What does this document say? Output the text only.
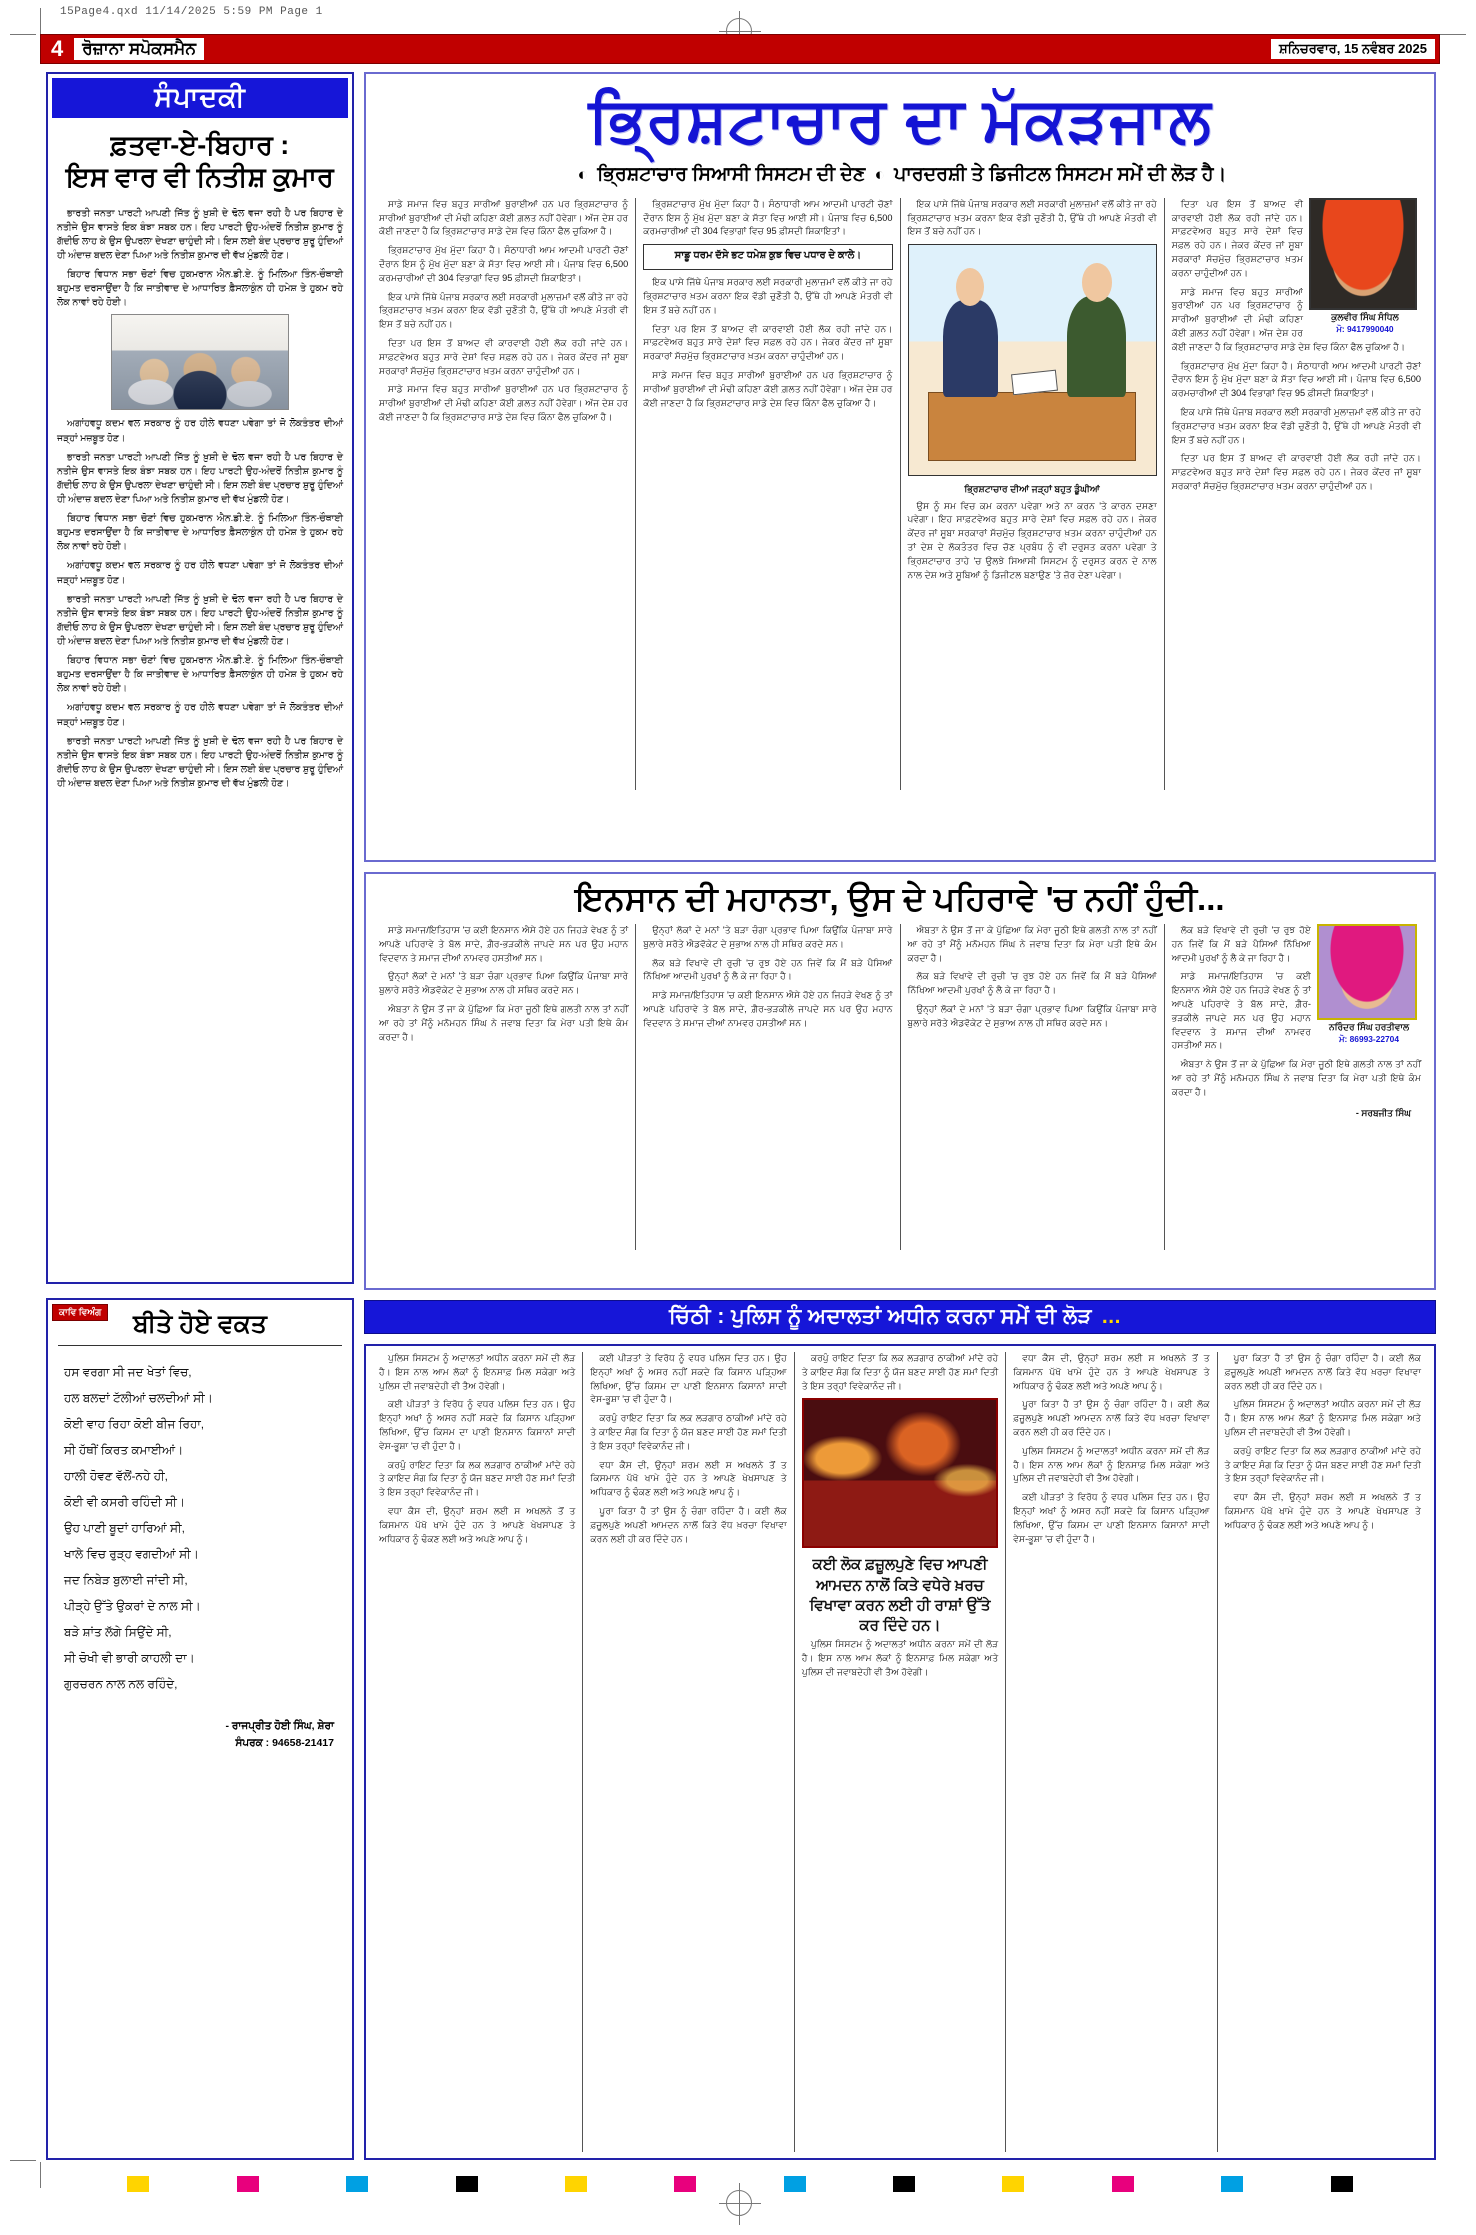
15Page4.qxd 11/14/2025 5:59 PM Page 1
4	ਰੋਜ਼ਾਨਾ ਸਪੋਕਸਮੈਨ	ਸ਼ਨਿਚਰਵਾਰ, 15 ਨਵੰਬਰ 2025
ਸੰਪਾਦਕੀ
ਫ਼ਤਵਾ-ਏ-ਬਿਹਾਰ :
ਇਸ ਵਾਰ ਵੀ ਨਿਤੀਸ਼ ਕੁਮਾਰ

ਭਾਰਤੀ ਜਨਤਾ ਪਾਰਟੀ ਆਪਣੀ ਜਿੱਤ ਨੂੰ ਖ਼ੁਸ਼ੀ ਦੇ ਢੋਲ ਵਜਾ ਰਹੀ ਹੈ ਪਰ ਬਿਹਾਰ ਦੇ ਨਤੀਜੇ ਉਸ ਵਾਸਤੇ ਇਕ ਬੰਝਾ ਸਬਕ ਹਨ। ਇਹ ਪਾਰਟੀ ਉਹ-ਅੰਦਰੋਂ ਨਿਤੀਸ਼ ਕੁਮਾਰ ਨੂੰ ਗੱਦੀਓ ਲਾਹ ਕੇ ਉਸ ਉਪਰਲਾ ਦੇਖਣਾ ਚਾਹੁੰਦੀ ਸੀ। ਇਸ ਲਈ ਬੰਦ ਪ੍ਰਚਾਰ ਸ਼ੁਰੂ ਹੁੰਦਿਆਂ ਹੀ ਅੰਦਾਜ਼ ਬਦਲ ਦੇਣਾ ਪਿਆ ਅਤੇ ਨਿਤੀਸ਼ ਕੁਮਾਰ ਦੀ ਵੱਖ ਮੁੰਡਲੀ ਹੋਣ।

ਬਿਹਾਰ ਵਿਧਾਨ ਸਭਾ ਚੋਣਾਂ ਵਿਚ ਹੁਕਮਰਾਨ ਐਨ.ਡੀ.ਏ. ਨੂੰ ਮਿਲਿਆ ਤਿੰਨ-ਚੌਥਾਈ ਬਹੁਮਤ ਦਰਸਾਉਂਦਾ ਹੈ ਕਿ ਜਾਤੀਵਾਦ ਦੇ ਆਧਾਰਿਤ ਫ਼ੈਸਲਾਕੁੰਨ ਹੀ ਹਮੇਸ਼ ਤੇ ਹੁਕਮ ਰਹੇ ਲੋਕ ਨਾਵਾਂ ਰਹੇ ਹੋਈ।

ਅਗਾਂਹਵਧੂ ਕਦਮ ਵਲ ਸਰਕਾਰ ਨੂੰ ਹਰ ਹੀਲੇ ਵਧਣਾ ਪਵੇਗਾ ਤਾਂ ਜੋ ਲੋਕਤੰਤਰ ਦੀਆਂ ਜੜ੍ਹਾਂ ਮਜ਼ਬੂਤ ਹੋਣ।

ਭਾਰਤੀ ਜਨਤਾ ਪਾਰਟੀ ਆਪਣੀ ਜਿੱਤ ਨੂੰ ਖ਼ੁਸ਼ੀ ਦੇ ਢੋਲ ਵਜਾ ਰਹੀ ਹੈ ਪਰ ਬਿਹਾਰ ਦੇ ਨਤੀਜੇ ਉਸ ਵਾਸਤੇ ਇਕ ਬੰਝਾ ਸਬਕ ਹਨ। ਇਹ ਪਾਰਟੀ ਉਹ-ਅੰਦਰੋਂ ਨਿਤੀਸ਼ ਕੁਮਾਰ ਨੂੰ ਗੱਦੀਓ ਲਾਹ ਕੇ ਉਸ ਉਪਰਲਾ ਦੇਖਣਾ ਚਾਹੁੰਦੀ ਸੀ। ਇਸ ਲਈ ਬੰਦ ਪ੍ਰਚਾਰ ਸ਼ੁਰੂ ਹੁੰਦਿਆਂ ਹੀ ਅੰਦਾਜ਼ ਬਦਲ ਦੇਣਾ ਪਿਆ ਅਤੇ ਨਿਤੀਸ਼ ਕੁਮਾਰ ਦੀ ਵੱਖ ਮੁੰਡਲੀ ਹੋਣ।

ਬਿਹਾਰ ਵਿਧਾਨ ਸਭਾ ਚੋਣਾਂ ਵਿਚ ਹੁਕਮਰਾਨ ਐਨ.ਡੀ.ਏ. ਨੂੰ ਮਿਲਿਆ ਤਿੰਨ-ਚੌਥਾਈ ਬਹੁਮਤ ਦਰਸਾਉਂਦਾ ਹੈ ਕਿ ਜਾਤੀਵਾਦ ਦੇ ਆਧਾਰਿਤ ਫ਼ੈਸਲਾਕੁੰਨ ਹੀ ਹਮੇਸ਼ ਤੇ ਹੁਕਮ ਰਹੇ ਲੋਕ ਨਾਵਾਂ ਰਹੇ ਹੋਈ।

ਅਗਾਂਹਵਧੂ ਕਦਮ ਵਲ ਸਰਕਾਰ ਨੂੰ ਹਰ ਹੀਲੇ ਵਧਣਾ ਪਵੇਗਾ ਤਾਂ ਜੋ ਲੋਕਤੰਤਰ ਦੀਆਂ ਜੜ੍ਹਾਂ ਮਜ਼ਬੂਤ ਹੋਣ।

ਭਾਰਤੀ ਜਨਤਾ ਪਾਰਟੀ ਆਪਣੀ ਜਿੱਤ ਨੂੰ ਖ਼ੁਸ਼ੀ ਦੇ ਢੋਲ ਵਜਾ ਰਹੀ ਹੈ ਪਰ ਬਿਹਾਰ ਦੇ ਨਤੀਜੇ ਉਸ ਵਾਸਤੇ ਇਕ ਬੰਝਾ ਸਬਕ ਹਨ। ਇਹ ਪਾਰਟੀ ਉਹ-ਅੰਦਰੋਂ ਨਿਤੀਸ਼ ਕੁਮਾਰ ਨੂੰ ਗੱਦੀਓ ਲਾਹ ਕੇ ਉਸ ਉਪਰਲਾ ਦੇਖਣਾ ਚਾਹੁੰਦੀ ਸੀ। ਇਸ ਲਈ ਬੰਦ ਪ੍ਰਚਾਰ ਸ਼ੁਰੂ ਹੁੰਦਿਆਂ ਹੀ ਅੰਦਾਜ਼ ਬਦਲ ਦੇਣਾ ਪਿਆ ਅਤੇ ਨਿਤੀਸ਼ ਕੁਮਾਰ ਦੀ ਵੱਖ ਮੁੰਡਲੀ ਹੋਣ।

ਬਿਹਾਰ ਵਿਧਾਨ ਸਭਾ ਚੋਣਾਂ ਵਿਚ ਹੁਕਮਰਾਨ ਐਨ.ਡੀ.ਏ. ਨੂੰ ਮਿਲਿਆ ਤਿੰਨ-ਚੌਥਾਈ ਬਹੁਮਤ ਦਰਸਾਉਂਦਾ ਹੈ ਕਿ ਜਾਤੀਵਾਦ ਦੇ ਆਧਾਰਿਤ ਫ਼ੈਸਲਾਕੁੰਨ ਹੀ ਹਮੇਸ਼ ਤੇ ਹੁਕਮ ਰਹੇ ਲੋਕ ਨਾਵਾਂ ਰਹੇ ਹੋਈ।

ਅਗਾਂਹਵਧੂ ਕਦਮ ਵਲ ਸਰਕਾਰ ਨੂੰ ਹਰ ਹੀਲੇ ਵਧਣਾ ਪਵੇਗਾ ਤਾਂ ਜੋ ਲੋਕਤੰਤਰ ਦੀਆਂ ਜੜ੍ਹਾਂ ਮਜ਼ਬੂਤ ਹੋਣ।

ਭਾਰਤੀ ਜਨਤਾ ਪਾਰਟੀ ਆਪਣੀ ਜਿੱਤ ਨੂੰ ਖ਼ੁਸ਼ੀ ਦੇ ਢੋਲ ਵਜਾ ਰਹੀ ਹੈ ਪਰ ਬਿਹਾਰ ਦੇ ਨਤੀਜੇ ਉਸ ਵਾਸਤੇ ਇਕ ਬੰਝਾ ਸਬਕ ਹਨ। ਇਹ ਪਾਰਟੀ ਉਹ-ਅੰਦਰੋਂ ਨਿਤੀਸ਼ ਕੁਮਾਰ ਨੂੰ ਗੱਦੀਓ ਲਾਹ ਕੇ ਉਸ ਉਪਰਲਾ ਦੇਖਣਾ ਚਾਹੁੰਦੀ ਸੀ। ਇਸ ਲਈ ਬੰਦ ਪ੍ਰਚਾਰ ਸ਼ੁਰੂ ਹੁੰਦਿਆਂ ਹੀ ਅੰਦਾਜ਼ ਬਦਲ ਦੇਣਾ ਪਿਆ ਅਤੇ ਨਿਤੀਸ਼ ਕੁਮਾਰ ਦੀ ਵੱਖ ਮੁੰਡਲੀ ਹੋਣ।

ਭ੍ਰਿਸ਼ਟਾਚਾਰ ਦਾ ਮੱਕੜਜਾਲ
◐ ਭ੍ਰਿਸ਼ਟਾਚਾਰ ਸਿਆਸੀ ਸਿਸਟਮ ਦੀ ਦੇਣ ◐ ਪਾਰਦਰਸ਼ੀ ਤੇ ਡਿਜੀਟਲ ਸਿਸਟਮ ਸਮੇਂ ਦੀ ਲੋੜ ਹੈ।

ਸਾਡੇ ਸਮਾਜ ਵਿਚ ਬਹੁਤ ਸਾਰੀਆਂ ਬੁਰਾਈਆਂ ਹਨ ਪਰ ਭ੍ਰਿਸ਼ਟਾਚਾਰ ਨੂੰ ਸਾਰੀਆਂ ਬੁਰਾਈਆਂ ਦੀ ਮੰਢੀ ਕਹਿਣਾ ਕੋਈ ਗ਼ਲਤ ਨਹੀਂ ਹੋਵੇਗਾ। ਅੱਜ ਦੇਸ਼ ਹਰ ਕੋਈ ਜਾਣਦਾ ਹੈ ਕਿ ਭ੍ਰਿਸ਼ਟਾਚਾਰ ਸਾਡੇ ਦੇਸ਼ ਵਿਚ ਕਿੰਨਾ ਫੈਲ ਚੁਕਿਆ ਹੈ।

ਭ੍ਰਿਸ਼ਟਾਚਾਰ ਮੁੱਖ ਮੁੱਦਾ ਕਿਹਾ ਹੈ। ਸੰਠਾਧਾਰੀ ਆਮ ਆਦਮੀ ਪਾਰਟੀ ਚੋਣਾਂ ਦੌਰਾਨ ਇਸ ਨੂੰ ਮੁੱਖ ਮੁੱਦਾ ਬਣਾ ਕੇ ਸੱਤਾ ਵਿਚ ਆਈ ਸੀ। ਪੰਜਾਬ ਵਿਚ 6,500 ਕਰਮਚਾਰੀਆਂ ਦੀ 304 ਵਿਭਾਗਾਂ ਵਿਚ 95 ਫ਼ੀਸਦੀ ਸ਼ਿਕਾਇਤਾਂ।

ਇਕ ਪਾਸੇ ਜਿੱਥੇ ਪੰਜਾਬ ਸਰਕਾਰ ਲਈ ਸਰਕਾਰੀ ਮੁਲਾਜ਼ਮਾਂ ਵਲੋਂ ਕੀਤੇ ਜਾ ਰਹੇ ਭ੍ਰਿਸ਼ਟਾਚਾਰ ਖ਼ਤਮ ਕਰਨਾ ਇਕ ਵੱਡੀ ਚੁਣੌਤੀ ਹੈ, ਉੱਥੇ ਹੀ ਆਪਣੇ ਮੰਤਰੀ ਵੀ ਇਸ ਤੋਂ ਬਚੇ ਨਹੀਂ ਹਨ।

ਦਿਤਾ ਪਰ ਇਸ ਤੋਂ ਬਾਅਦ ਵੀ ਕਾਰਵਾਈ ਹੋਈ ਲੋਕ ਰਹੀ ਜਾਂਦੇ ਹਨ। ਸਾਫ਼ਟਵੇਅਰ ਬਹੁਤ ਸਾਰੇ ਦੇਸ਼ਾਂ ਵਿਚ ਸਫ਼ਲ ਰਹੇ ਹਨ। ਜੇਕਰ ਕੇਂਦਰ ਜਾਂ ਸੂਬਾ ਸਰਕਾਰਾਂ ਸੱਚਮੁੱਚ ਭ੍ਰਿਸ਼ਟਾਚਾਰ ਖ਼ਤਮ ਕਰਨਾ ਚਾਹੁੰਦੀਆਂ ਹਨ।

ਸਾਡੇ ਸਮਾਜ ਵਿਚ ਬਹੁਤ ਸਾਰੀਆਂ ਬੁਰਾਈਆਂ ਹਨ ਪਰ ਭ੍ਰਿਸ਼ਟਾਚਾਰ ਨੂੰ ਸਾਰੀਆਂ ਬੁਰਾਈਆਂ ਦੀ ਮੰਢੀ ਕਹਿਣਾ ਕੋਈ ਗ਼ਲਤ ਨਹੀਂ ਹੋਵੇਗਾ। ਅੱਜ ਦੇਸ਼ ਹਰ ਕੋਈ ਜਾਣਦਾ ਹੈ ਕਿ ਭ੍ਰਿਸ਼ਟਾਚਾਰ ਸਾਡੇ ਦੇਸ਼ ਵਿਚ ਕਿੰਨਾ ਫੈਲ ਚੁਕਿਆ ਹੈ।

ਭ੍ਰਿਸ਼ਟਾਚਾਰ ਮੁੱਖ ਮੁੱਦਾ ਕਿਹਾ ਹੈ। ਸੰਠਾਧਾਰੀ ਆਮ ਆਦਮੀ ਪਾਰਟੀ ਚੋਣਾਂ ਦੌਰਾਨ ਇਸ ਨੂੰ ਮੁੱਖ ਮੁੱਦਾ ਬਣਾ ਕੇ ਸੱਤਾ ਵਿਚ ਆਈ ਸੀ। ਪੰਜਾਬ ਵਿਚ 6,500 ਕਰਮਚਾਰੀਆਂ ਦੀ 304 ਵਿਭਾਗਾਂ ਵਿਚ 95 ਫ਼ੀਸਦੀ ਸ਼ਿਕਾਇਤਾਂ।

ਸਾਡੂ ਧਰਮ ਦੱਸੇ ਭਟ ਧਮੇਸ਼ ਕੁਝ ਵਿਚ ਪਧਾਰ ਦੇ ਕਾਲੇ।

ਇਕ ਪਾਸੇ ਜਿੱਥੇ ਪੰਜਾਬ ਸਰਕਾਰ ਲਈ ਸਰਕਾਰੀ ਮੁਲਾਜ਼ਮਾਂ ਵਲੋਂ ਕੀਤੇ ਜਾ ਰਹੇ ਭ੍ਰਿਸ਼ਟਾਚਾਰ ਖ਼ਤਮ ਕਰਨਾ ਇਕ ਵੱਡੀ ਚੁਣੌਤੀ ਹੈ, ਉੱਥੇ ਹੀ ਆਪਣੇ ਮੰਤਰੀ ਵੀ ਇਸ ਤੋਂ ਬਚੇ ਨਹੀਂ ਹਨ।

ਦਿਤਾ ਪਰ ਇਸ ਤੋਂ ਬਾਅਦ ਵੀ ਕਾਰਵਾਈ ਹੋਈ ਲੋਕ ਰਹੀ ਜਾਂਦੇ ਹਨ। ਸਾਫ਼ਟਵੇਅਰ ਬਹੁਤ ਸਾਰੇ ਦੇਸ਼ਾਂ ਵਿਚ ਸਫ਼ਲ ਰਹੇ ਹਨ। ਜੇਕਰ ਕੇਂਦਰ ਜਾਂ ਸੂਬਾ ਸਰਕਾਰਾਂ ਸੱਚਮੁੱਚ ਭ੍ਰਿਸ਼ਟਾਚਾਰ ਖ਼ਤਮ ਕਰਨਾ ਚਾਹੁੰਦੀਆਂ ਹਨ।

ਸਾਡੇ ਸਮਾਜ ਵਿਚ ਬਹੁਤ ਸਾਰੀਆਂ ਬੁਰਾਈਆਂ ਹਨ ਪਰ ਭ੍ਰਿਸ਼ਟਾਚਾਰ ਨੂੰ ਸਾਰੀਆਂ ਬੁਰਾਈਆਂ ਦੀ ਮੰਢੀ ਕਹਿਣਾ ਕੋਈ ਗ਼ਲਤ ਨਹੀਂ ਹੋਵੇਗਾ। ਅੱਜ ਦੇਸ਼ ਹਰ ਕੋਈ ਜਾਣਦਾ ਹੈ ਕਿ ਭ੍ਰਿਸ਼ਟਾਚਾਰ ਸਾਡੇ ਦੇਸ਼ ਵਿਚ ਕਿੰਨਾ ਫੈਲ ਚੁਕਿਆ ਹੈ।

ਇਕ ਪਾਸੇ ਜਿੱਥੇ ਪੰਜਾਬ ਸਰਕਾਰ ਲਈ ਸਰਕਾਰੀ ਮੁਲਾਜ਼ਮਾਂ ਵਲੋਂ ਕੀਤੇ ਜਾ ਰਹੇ ਭ੍ਰਿਸ਼ਟਾਚਾਰ ਖ਼ਤਮ ਕਰਨਾ ਇਕ ਵੱਡੀ ਚੁਣੌਤੀ ਹੈ, ਉੱਥੇ ਹੀ ਆਪਣੇ ਮੰਤਰੀ ਵੀ ਇਸ ਤੋਂ ਬਚੇ ਨਹੀਂ ਹਨ।

ਭ੍ਰਿਸ਼ਟਾਚਾਰ ਦੀਆਂ ਜੜ੍ਹਾਂ ਬਹੁਤ ਡੂੰਘੀਆਂ

ਉਸ ਨੂੰ ਸਮ ਵਿਚ ਕਮ ਕਰਨਾ ਪਵੇਗਾ ਅਤੇ ਨਾ ਕਰਨ 'ਤੇ ਕਾਰਨ ਦਸਣਾ ਪਵੇਗਾ। ਇਹ ਸਾਫ਼ਟਵੇਅਰ ਬਹੁਤ ਸਾਰੇ ਦੇਸ਼ਾਂ ਵਿਚ ਸਫ਼ਲ ਰਹੇ ਹਨ। ਜੇਕਰ ਕੇਂਦਰ ਜਾਂ ਸੂਬਾ ਸਰਕਾਰਾਂ ਸੱਚਮੁੱਚ ਭ੍ਰਿਸ਼ਟਾਚਾਰ ਖ਼ਤਮ ਕਰਨਾ ਚਾਹੁੰਦੀਆਂ ਹਨ ਤਾਂ ਦੇਸ਼ ਦੇ ਲੋਕਤੰਤਰ ਵਿਚ ਚੋਣ ਪ੍ਰਬੰਧ ਨੂੰ ਵੀ ਦਰੁਸਤ ਕਰਨਾ ਪਵੇਗਾ ਤੇ ਭ੍ਰਿਸ਼ਟਾਚਾਰ ਤਾਹੇ 'ਚ ਉਲਝੇ ਸਿਆਸੀ ਸਿਸਟਮ ਨੂੰ ਦਰੁਸਤ ਕਰਨ ਦੇ ਨਾਲ ਨਾਲ ਦੇਸ਼ ਅਤੇ ਸੂਬਿਆਂ ਨੂੰ ਡਿਜੀਟਲ ਬਣਾਉਣ 'ਤੇ ਜ਼ੋਰ ਦੇਣਾ ਪਵੇਗਾ।

ਕੁਲਵੀਰ ਸਿੰਘ ਸੰਧਿਲ
ਮੋ: 9417990040

ਦਿਤਾ ਪਰ ਇਸ ਤੋਂ ਬਾਅਦ ਵੀ ਕਾਰਵਾਈ ਹੋਈ ਲੋਕ ਰਹੀ ਜਾਂਦੇ ਹਨ। ਸਾਫ਼ਟਵੇਅਰ ਬਹੁਤ ਸਾਰੇ ਦੇਸ਼ਾਂ ਵਿਚ ਸਫ਼ਲ ਰਹੇ ਹਨ। ਜੇਕਰ ਕੇਂਦਰ ਜਾਂ ਸੂਬਾ ਸਰਕਾਰਾਂ ਸੱਚਮੁੱਚ ਭ੍ਰਿਸ਼ਟਾਚਾਰ ਖ਼ਤਮ ਕਰਨਾ ਚਾਹੁੰਦੀਆਂ ਹਨ।

ਸਾਡੇ ਸਮਾਜ ਵਿਚ ਬਹੁਤ ਸਾਰੀਆਂ ਬੁਰਾਈਆਂ ਹਨ ਪਰ ਭ੍ਰਿਸ਼ਟਾਚਾਰ ਨੂੰ ਸਾਰੀਆਂ ਬੁਰਾਈਆਂ ਦੀ ਮੰਢੀ ਕਹਿਣਾ ਕੋਈ ਗ਼ਲਤ ਨਹੀਂ ਹੋਵੇਗਾ। ਅੱਜ ਦੇਸ਼ ਹਰ ਕੋਈ ਜਾਣਦਾ ਹੈ ਕਿ ਭ੍ਰਿਸ਼ਟਾਚਾਰ ਸਾਡੇ ਦੇਸ਼ ਵਿਚ ਕਿੰਨਾ ਫੈਲ ਚੁਕਿਆ ਹੈ।

ਭ੍ਰਿਸ਼ਟਾਚਾਰ ਮੁੱਖ ਮੁੱਦਾ ਕਿਹਾ ਹੈ। ਸੰਠਾਧਾਰੀ ਆਮ ਆਦਮੀ ਪਾਰਟੀ ਚੋਣਾਂ ਦੌਰਾਨ ਇਸ ਨੂੰ ਮੁੱਖ ਮੁੱਦਾ ਬਣਾ ਕੇ ਸੱਤਾ ਵਿਚ ਆਈ ਸੀ। ਪੰਜਾਬ ਵਿਚ 6,500 ਕਰਮਚਾਰੀਆਂ ਦੀ 304 ਵਿਭਾਗਾਂ ਵਿਚ 95 ਫ਼ੀਸਦੀ ਸ਼ਿਕਾਇਤਾਂ।

ਇਕ ਪਾਸੇ ਜਿੱਥੇ ਪੰਜਾਬ ਸਰਕਾਰ ਲਈ ਸਰਕਾਰੀ ਮੁਲਾਜ਼ਮਾਂ ਵਲੋਂ ਕੀਤੇ ਜਾ ਰਹੇ ਭ੍ਰਿਸ਼ਟਾਚਾਰ ਖ਼ਤਮ ਕਰਨਾ ਇਕ ਵੱਡੀ ਚੁਣੌਤੀ ਹੈ, ਉੱਥੇ ਹੀ ਆਪਣੇ ਮੰਤਰੀ ਵੀ ਇਸ ਤੋਂ ਬਚੇ ਨਹੀਂ ਹਨ।

ਦਿਤਾ ਪਰ ਇਸ ਤੋਂ ਬਾਅਦ ਵੀ ਕਾਰਵਾਈ ਹੋਈ ਲੋਕ ਰਹੀ ਜਾਂਦੇ ਹਨ। ਸਾਫ਼ਟਵੇਅਰ ਬਹੁਤ ਸਾਰੇ ਦੇਸ਼ਾਂ ਵਿਚ ਸਫ਼ਲ ਰਹੇ ਹਨ। ਜੇਕਰ ਕੇਂਦਰ ਜਾਂ ਸੂਬਾ ਸਰਕਾਰਾਂ ਸੱਚਮੁੱਚ ਭ੍ਰਿਸ਼ਟਾਚਾਰ ਖ਼ਤਮ ਕਰਨਾ ਚਾਹੁੰਦੀਆਂ ਹਨ।

ਇਨਸਾਨ ਦੀ ਮਹਾਨਤਾ, ਉਸ ਦੇ ਪਹਿਰਾਵੇ 'ਚ ਨਹੀਂ ਹੁੰਦੀ...

ਸਾਡੇ ਸਮਾਜ/ਇਤਿਹਾਸ 'ਚ ਕਈ ਇਨਸਾਨ ਐਸੇ ਹੋਏ ਹਨ ਜਿਹੜੇ ਵੇਖਣ ਨੂੰ ਤਾਂ ਆਪਣੇ ਪਹਿਰਾਵੇ ਤੇ ਬੋਲ ਸਾਦੇ, ਗ਼ੈਰ-ਭੜਕੀਲੇ ਜਾਪਦੇ ਸਨ ਪਰ ਉਹ ਮਹਾਨ ਵਿਦਵਾਨ ਤੇ ਸਮਾਜ ਦੀਆਂ ਨਾਮਵਰ ਹਸਤੀਆਂ ਸਨ।

ਉਨ੍ਹਾਂ ਲੋਕਾਂ ਦੇ ਮਨਾਂ 'ਤੇ ਬੜਾ ਚੰਗਾ ਪ੍ਰਭਾਵ ਪਿਆ ਕਿਉਂਕਿ ਪੰਜਾਬਾ ਸਾਰੇ ਬੁਲਾਰੇ ਸਰੋਤੇ ਐਡਵੋਕੇਟ ਦੇ ਸੁਭਾਅ ਨਾਲ ਹੀ ਸਥਿਰ ਕਰਦੇ ਸਨ।

ਐਬਤਾ ਨੇ ਉਸ ਤੋਂ ਜਾ ਕੇ ਪੁੱਛਿਆ ਕਿ ਮੇਰਾ ਜੂਠੀ ਇਥੇ ਗਲਤੀ ਨਾਲ ਤਾਂ ਨਹੀਂ ਆ ਰਹੇ ਤਾਂ ਮੈਂਨੂੰ ਮਨੋਮਹਨ ਸਿੰਘ ਨੇ ਜਵਾਬ ਦਿਤਾ ਕਿ ਮੇਰਾ ਪਤੀ ਇਥੇ ਕੰਮ ਕਰਦਾ ਹੈ।

ਉਨ੍ਹਾਂ ਲੋਕਾਂ ਦੇ ਮਨਾਂ 'ਤੇ ਬੜਾ ਚੰਗਾ ਪ੍ਰਭਾਵ ਪਿਆ ਕਿਉਂਕਿ ਪੰਜਾਬਾ ਸਾਰੇ ਬੁਲਾਰੇ ਸਰੋਤੇ ਐਡਵੋਕੇਟ ਦੇ ਸੁਭਾਅ ਨਾਲ ਹੀ ਸਥਿਰ ਕਰਦੇ ਸਨ।

ਲੋਕ ਬੜੇ ਵਿਖਾਵੇ ਦੀ ਰੁਚੀ 'ਚ ਰੁਝ ਹੋਏ ਹਨ ਜਿਵੇਂ ਕਿ ਮੈਂ ਬੜੇ ਪੈਸਿਆਂ ਨਿੱਖਿਆ ਆਦਮੀ ਪੁਰਖਾਂ ਨੂੰ ਲੈ ਕੇ ਜਾ ਰਿਹਾ ਹੈ।

ਸਾਡੇ ਸਮਾਜ/ਇਤਿਹਾਸ 'ਚ ਕਈ ਇਨਸਾਨ ਐਸੇ ਹੋਏ ਹਨ ਜਿਹੜੇ ਵੇਖਣ ਨੂੰ ਤਾਂ ਆਪਣੇ ਪਹਿਰਾਵੇ ਤੇ ਬੋਲ ਸਾਦੇ, ਗ਼ੈਰ-ਭੜਕੀਲੇ ਜਾਪਦੇ ਸਨ ਪਰ ਉਹ ਮਹਾਨ ਵਿਦਵਾਨ ਤੇ ਸਮਾਜ ਦੀਆਂ ਨਾਮਵਰ ਹਸਤੀਆਂ ਸਨ।

ਐਬਤਾ ਨੇ ਉਸ ਤੋਂ ਜਾ ਕੇ ਪੁੱਛਿਆ ਕਿ ਮੇਰਾ ਜੂਠੀ ਇਥੇ ਗਲਤੀ ਨਾਲ ਤਾਂ ਨਹੀਂ ਆ ਰਹੇ ਤਾਂ ਮੈਂਨੂੰ ਮਨੋਮਹਨ ਸਿੰਘ ਨੇ ਜਵਾਬ ਦਿਤਾ ਕਿ ਮੇਰਾ ਪਤੀ ਇਥੇ ਕੰਮ ਕਰਦਾ ਹੈ।

ਲੋਕ ਬੜੇ ਵਿਖਾਵੇ ਦੀ ਰੁਚੀ 'ਚ ਰੁਝ ਹੋਏ ਹਨ ਜਿਵੇਂ ਕਿ ਮੈਂ ਬੜੇ ਪੈਸਿਆਂ ਨਿੱਖਿਆ ਆਦਮੀ ਪੁਰਖਾਂ ਨੂੰ ਲੈ ਕੇ ਜਾ ਰਿਹਾ ਹੈ।

ਉਨ੍ਹਾਂ ਲੋਕਾਂ ਦੇ ਮਨਾਂ 'ਤੇ ਬੜਾ ਚੰਗਾ ਪ੍ਰਭਾਵ ਪਿਆ ਕਿਉਂਕਿ ਪੰਜਾਬਾ ਸਾਰੇ ਬੁਲਾਰੇ ਸਰੋਤੇ ਐਡਵੋਕੇਟ ਦੇ ਸੁਭਾਅ ਨਾਲ ਹੀ ਸਥਿਰ ਕਰਦੇ ਸਨ।	ਨਰਿੰਦਰ ਸਿੰਘ ਹਰਤੀਵਾਲ
ਮੋ: 86993-22704

ਲੋਕ ਬੜੇ ਵਿਖਾਵੇ ਦੀ ਰੁਚੀ 'ਚ ਰੁਝ ਹੋਏ ਹਨ ਜਿਵੇਂ ਕਿ ਮੈਂ ਬੜੇ ਪੈਸਿਆਂ ਨਿੱਖਿਆ ਆਦਮੀ ਪੁਰਖਾਂ ਨੂੰ ਲੈ ਕੇ ਜਾ ਰਿਹਾ ਹੈ।

ਸਾਡੇ ਸਮਾਜ/ਇਤਿਹਾਸ 'ਚ ਕਈ ਇਨਸਾਨ ਐਸੇ ਹੋਏ ਹਨ ਜਿਹੜੇ ਵੇਖਣ ਨੂੰ ਤਾਂ ਆਪਣੇ ਪਹਿਰਾਵੇ ਤੇ ਬੋਲ ਸਾਦੇ, ਗ਼ੈਰ-ਭੜਕੀਲੇ ਜਾਪਦੇ ਸਨ ਪਰ ਉਹ ਮਹਾਨ ਵਿਦਵਾਨ ਤੇ ਸਮਾਜ ਦੀਆਂ ਨਾਮਵਰ ਹਸਤੀਆਂ ਸਨ।

ਐਬਤਾ ਨੇ ਉਸ ਤੋਂ ਜਾ ਕੇ ਪੁੱਛਿਆ ਕਿ ਮੇਰਾ ਜੂਠੀ ਇਥੇ ਗਲਤੀ ਨਾਲ ਤਾਂ ਨਹੀਂ ਆ ਰਹੇ ਤਾਂ ਮੈਂਨੂੰ ਮਨੋਮਹਨ ਸਿੰਘ ਨੇ ਜਵਾਬ ਦਿਤਾ ਕਿ ਮੇਰਾ ਪਤੀ ਇਥੇ ਕੰਮ ਕਰਦਾ ਹੈ।

- ਸਰਬਜੀਤ ਸਿੰਘ
ਕਾਵਿ ਵਿਅੰਗ	ਬੀਤੇ ਹੋਏ ਵਕਤ
ਹਸ ਵਰਗਾ ਸੀ ਜਦ ਖੇਤਾਂ ਵਿਚ,
ਹਲ ਬਲਦਾਂ ਟੱਲੀਆਂ ਚਲਦੀਆਂ ਸੀ।
ਕੋਈ ਵਾਹ ਰਿਹਾ ਕੋਈ ਬੀਜ ਰਿਹਾ,
ਸੀ ਹੱਥੀਂ ਕਿਰਤ ਕਮਾਈਆਂ।
ਹਾਲੀ ਹੋਵਣ ਵੱਲੋਂ-ਨਹੇ ਹੀ,
ਕੋਈ ਵੀ ਕਸਰੀ ਰਹਿੰਦੀ ਸੀ।
ਉਹ ਪਾਣੀ ਬੂਦਾਂ ਹਾਰਿਆਂ ਸੀ,
ਖਾਲੇ ਵਿਚ ਰੁੜ੍ਹ ਵਗਦੀਆਂ ਸੀ।
ਜਦ ਨਿਬੇੜ ਬੁਲਾਈ ਜਾਂਦੀ ਸੀ,
ਪੀੜ੍ਹੇ ਉੱਤੇ ਉਕਰਾਂ ਦੇ ਨਾਲ ਸੀ।
ਬੜੇ ਸ਼ਾਂਤ ਲੱਗੇ ਸਿਉਂਦੇ ਸੀ,
ਸੀ ਚੋਖੀ ਵੀ ਭਾਰੀ ਕਾਹਲੀ ਦਾ।
ਗੁਰਚਰਨ ਨਾਲ ਨਲ ਰਹਿੰਦੇ,
- ਰਾਜਪ੍ਰੀਤ ਹੋਈ ਸਿੰਘ, ਸ਼ੇਰਾ
ਸੰਪਰਕ : 94658-21417
ਚਿੱਠੀ : ਪੁਲਿਸ ਨੂੰ ਅਦਾਲਤਾਂ ਅਧੀਨ ਕਰਨਾ ਸਮੇਂ ਦੀ ਲੋੜ ...

ਪੁਲਿਸ ਸਿਸਟਮ ਨੂੰ ਅਦਾਲਤਾਂ ਅਧੀਨ ਕਰਨਾ ਸਮੇਂ ਦੀ ਲੋੜ ਹੈ। ਇਸ ਨਾਲ ਆਮ ਲੋਕਾਂ ਨੂੰ ਇਨਸਾਫ਼ ਮਿਲ ਸਕੇਗਾ ਅਤੇ ਪੁਲਿਸ ਦੀ ਜਵਾਬਦੇਹੀ ਵੀ ਤੈਅ ਹੋਵੇਗੀ।

ਕਈ ਪੀੜਤਾਂ ਤੇ ਵਿਰੋਧ ਨੂੰ ਵਧਰ ਪਲਿਸ ਦਿਤ ਹਨ। ਉਹ ਇਨ੍ਹਾਂ ਅਖਾਂ ਨੂੰ ਅਸਰ ਨਹੀਂ ਸਕਦੇ ਕਿ ਕਿਸਾਨ ਪੜ੍ਹਿਆ ਲਿਖਿਆ, ਉੱਚ ਕਿਸਮ ਦਾ ਪਾਣੀ ਇਨਸਾਨ ਕਿਸਾਨਾਂ ਸਾਦੀ ਵੇਸ-ਭੂਸ਼ਾ 'ਚ ਵੀ ਹੁੰਦਾ ਹੈ।

ਕਰਪੁੰ ਰਾਇਟ ਦਿਤਾ ਕਿ ਲਕ ਲੜਗਾਰ ਠਾਕੀਆਂ ਮਾਂਦੇ ਰਹੇ ਤੇ ਕਾਇਦ ਸੰਗ ਕਿ ਦਿਤਾ ਨੂੰ ਯੋਜ ਬਣਦ ਸਾਈ ਹੋਣ ਸਮਾਂ ਦਿਤੀ ਤੇ ਇਸ ਤਰ੍ਹਾਂ ਵਿਵੇਕਾਨੰਦ ਜੀ।

ਵਧਾ ਕੈਸ ਦੀ, ਉਨ੍ਹਾਂ ਸ਼ਰਮ ਲਈ ਸ ਅਖਲਨੇ ਤੋਂ ਤ ਕਿਸਮਾਨ ਪੱਖੋ ਖਾਮੇ ਹੁੰਦੇ ਹਨ ਤੇ ਆਪਣੇ ਖੇਖਸਾਪਣ ਤੇ ਅਧਿਕਾਰ ਨੂੰ ਢੰਕਣ ਲਈ ਅਤੇ ਅਪਣੇ ਆਪ ਨੂੰ।

ਕਈ ਪੀੜਤਾਂ ਤੇ ਵਿਰੋਧ ਨੂੰ ਵਧਰ ਪਲਿਸ ਦਿਤ ਹਨ। ਉਹ ਇਨ੍ਹਾਂ ਅਖਾਂ ਨੂੰ ਅਸਰ ਨਹੀਂ ਸਕਦੇ ਕਿ ਕਿਸਾਨ ਪੜ੍ਹਿਆ ਲਿਖਿਆ, ਉੱਚ ਕਿਸਮ ਦਾ ਪਾਣੀ ਇਨਸਾਨ ਕਿਸਾਨਾਂ ਸਾਦੀ ਵੇਸ-ਭੂਸ਼ਾ 'ਚ ਵੀ ਹੁੰਦਾ ਹੈ।

ਕਰਪੁੰ ਰਾਇਟ ਦਿਤਾ ਕਿ ਲਕ ਲੜਗਾਰ ਠਾਕੀਆਂ ਮਾਂਦੇ ਰਹੇ ਤੇ ਕਾਇਦ ਸੰਗ ਕਿ ਦਿਤਾ ਨੂੰ ਯੋਜ ਬਣਦ ਸਾਈ ਹੋਣ ਸਮਾਂ ਦਿਤੀ ਤੇ ਇਸ ਤਰ੍ਹਾਂ ਵਿਵੇਕਾਨੰਦ ਜੀ।

ਵਧਾ ਕੈਸ ਦੀ, ਉਨ੍ਹਾਂ ਸ਼ਰਮ ਲਈ ਸ ਅਖਲਨੇ ਤੋਂ ਤ ਕਿਸਮਾਨ ਪੱਖੋ ਖਾਮੇ ਹੁੰਦੇ ਹਨ ਤੇ ਆਪਣੇ ਖੇਖਸਾਪਣ ਤੇ ਅਧਿਕਾਰ ਨੂੰ ਢੰਕਣ ਲਈ ਅਤੇ ਅਪਣੇ ਆਪ ਨੂੰ।

ਪੂਰਾ ਕਿਤਾ ਹੈ ਤਾਂ ਉਸ ਨੂੰ ਚੰਗਾ ਰਹਿੰਦਾ ਹੈ। ਕਈ ਲੋਕ ਫ਼ਜ਼ੂਲਪੁਣੇ ਅਪਣੀ ਆਮਦਨ ਨਾਲੋਂ ਕਿਤੇ ਵੱਧ ਖ਼ਰਚਾ ਵਿਖਾਵਾ ਕਰਨ ਲਈ ਹੀ ਕਰ ਦਿੰਦੇ ਹਨ।

ਕਰਪੁੰ ਰਾਇਟ ਦਿਤਾ ਕਿ ਲਕ ਲੜਗਾਰ ਠਾਕੀਆਂ ਮਾਂਦੇ ਰਹੇ ਤੇ ਕਾਇਦ ਸੰਗ ਕਿ ਦਿਤਾ ਨੂੰ ਯੋਜ ਬਣਦ ਸਾਈ ਹੋਣ ਸਮਾਂ ਦਿਤੀ ਤੇ ਇਸ ਤਰ੍ਹਾਂ ਵਿਵੇਕਾਨੰਦ ਜੀ।

ਕਈ ਲੋਕ ਫ਼ਜ਼ੂਲਪੁਣੇ ਵਿਚ ਆਪਣੀ ਆਮਦਨ ਨਾਲੋਂ ਕਿਤੇ ਵਧੇਰੇ ਖ਼ਰਚ ਵਿਖਾਵਾ ਕਰਨ ਲਈ ਹੀ ਰਾਸ਼ਾਂ ਉੱਤੇ ਕਰ ਦਿੰਦੇ ਹਨ।

ਪੁਲਿਸ ਸਿਸਟਮ ਨੂੰ ਅਦਾਲਤਾਂ ਅਧੀਨ ਕਰਨਾ ਸਮੇਂ ਦੀ ਲੋੜ ਹੈ। ਇਸ ਨਾਲ ਆਮ ਲੋਕਾਂ ਨੂੰ ਇਨਸਾਫ਼ ਮਿਲ ਸਕੇਗਾ ਅਤੇ ਪੁਲਿਸ ਦੀ ਜਵਾਬਦੇਹੀ ਵੀ ਤੈਅ ਹੋਵੇਗੀ।

ਵਧਾ ਕੈਸ ਦੀ, ਉਨ੍ਹਾਂ ਸ਼ਰਮ ਲਈ ਸ ਅਖਲਨੇ ਤੋਂ ਤ ਕਿਸਮਾਨ ਪੱਖੋ ਖਾਮੇ ਹੁੰਦੇ ਹਨ ਤੇ ਆਪਣੇ ਖੇਖਸਾਪਣ ਤੇ ਅਧਿਕਾਰ ਨੂੰ ਢੰਕਣ ਲਈ ਅਤੇ ਅਪਣੇ ਆਪ ਨੂੰ।

ਪੂਰਾ ਕਿਤਾ ਹੈ ਤਾਂ ਉਸ ਨੂੰ ਚੰਗਾ ਰਹਿੰਦਾ ਹੈ। ਕਈ ਲੋਕ ਫ਼ਜ਼ੂਲਪੁਣੇ ਅਪਣੀ ਆਮਦਨ ਨਾਲੋਂ ਕਿਤੇ ਵੱਧ ਖ਼ਰਚਾ ਵਿਖਾਵਾ ਕਰਨ ਲਈ ਹੀ ਕਰ ਦਿੰਦੇ ਹਨ।

ਪੁਲਿਸ ਸਿਸਟਮ ਨੂੰ ਅਦਾਲਤਾਂ ਅਧੀਨ ਕਰਨਾ ਸਮੇਂ ਦੀ ਲੋੜ ਹੈ। ਇਸ ਨਾਲ ਆਮ ਲੋਕਾਂ ਨੂੰ ਇਨਸਾਫ਼ ਮਿਲ ਸਕੇਗਾ ਅਤੇ ਪੁਲਿਸ ਦੀ ਜਵਾਬਦੇਹੀ ਵੀ ਤੈਅ ਹੋਵੇਗੀ।

ਕਈ ਪੀੜਤਾਂ ਤੇ ਵਿਰੋਧ ਨੂੰ ਵਧਰ ਪਲਿਸ ਦਿਤ ਹਨ। ਉਹ ਇਨ੍ਹਾਂ ਅਖਾਂ ਨੂੰ ਅਸਰ ਨਹੀਂ ਸਕਦੇ ਕਿ ਕਿਸਾਨ ਪੜ੍ਹਿਆ ਲਿਖਿਆ, ਉੱਚ ਕਿਸਮ ਦਾ ਪਾਣੀ ਇਨਸਾਨ ਕਿਸਾਨਾਂ ਸਾਦੀ ਵੇਸ-ਭੂਸ਼ਾ 'ਚ ਵੀ ਹੁੰਦਾ ਹੈ।

ਪੂਰਾ ਕਿਤਾ ਹੈ ਤਾਂ ਉਸ ਨੂੰ ਚੰਗਾ ਰਹਿੰਦਾ ਹੈ। ਕਈ ਲੋਕ ਫ਼ਜ਼ੂਲਪੁਣੇ ਅਪਣੀ ਆਮਦਨ ਨਾਲੋਂ ਕਿਤੇ ਵੱਧ ਖ਼ਰਚਾ ਵਿਖਾਵਾ ਕਰਨ ਲਈ ਹੀ ਕਰ ਦਿੰਦੇ ਹਨ।

ਪੁਲਿਸ ਸਿਸਟਮ ਨੂੰ ਅਦਾਲਤਾਂ ਅਧੀਨ ਕਰਨਾ ਸਮੇਂ ਦੀ ਲੋੜ ਹੈ। ਇਸ ਨਾਲ ਆਮ ਲੋਕਾਂ ਨੂੰ ਇਨਸਾਫ਼ ਮਿਲ ਸਕੇਗਾ ਅਤੇ ਪੁਲਿਸ ਦੀ ਜਵਾਬਦੇਹੀ ਵੀ ਤੈਅ ਹੋਵੇਗੀ।

ਕਰਪੁੰ ਰਾਇਟ ਦਿਤਾ ਕਿ ਲਕ ਲੜਗਾਰ ਠਾਕੀਆਂ ਮਾਂਦੇ ਰਹੇ ਤੇ ਕਾਇਦ ਸੰਗ ਕਿ ਦਿਤਾ ਨੂੰ ਯੋਜ ਬਣਦ ਸਾਈ ਹੋਣ ਸਮਾਂ ਦਿਤੀ ਤੇ ਇਸ ਤਰ੍ਹਾਂ ਵਿਵੇਕਾਨੰਦ ਜੀ।

ਵਧਾ ਕੈਸ ਦੀ, ਉਨ੍ਹਾਂ ਸ਼ਰਮ ਲਈ ਸ ਅਖਲਨੇ ਤੋਂ ਤ ਕਿਸਮਾਨ ਪੱਖੋ ਖਾਮੇ ਹੁੰਦੇ ਹਨ ਤੇ ਆਪਣੇ ਖੇਖਸਾਪਣ ਤੇ ਅਧਿਕਾਰ ਨੂੰ ਢੰਕਣ ਲਈ ਅਤੇ ਅਪਣੇ ਆਪ ਨੂੰ।
